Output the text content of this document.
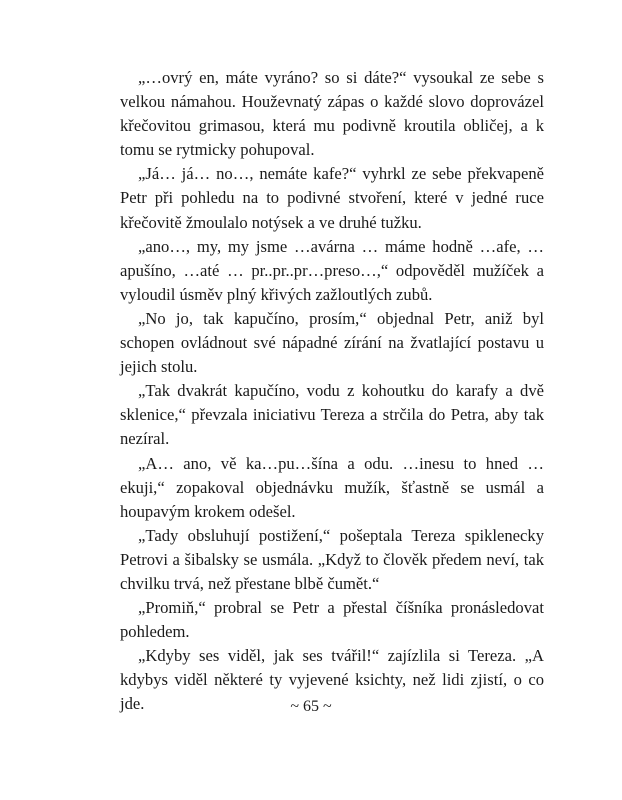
„…ovrý en, máte vyráno? so si dáte?“ vysoukal ze sebe s velkou námahou. Houževnatý zápas o každé slovo doprovázel křečovitou grimasou, která mu podivně kroutila obličej, a k tomu se rytmicky pohupoval.

„Já… já… no…, nemáte kafe?“ vyhrkl ze sebe překvapeně Petr při pohledu na to podivné stvoření, které v jedné ruce křečovitě žmoulalo notýsek a ve druhé tužku.

„ano…, my, my jsme …avárna … máme hodně …afe, … apušíno, …até … pr..pr..pr…preso…,“ odpověděl mužíček a vyloudil úsměv plný křivých zažloutlých zubů.

„No jo, tak kapučíno, prosím,“ objednal Petr, aniž byl schopen ovládnout své nápadné zírání na žvatlající postavu u jejich stolu.

„Tak dvakrát kapučíno, vodu z kohoutku do karafy a dvě sklenice,“ převzala iniciativu Tereza a strčila do Petra, aby tak nezíral.

„A… ano, vě ka…pu…šína a odu. …inesu to hned … ekuji,“ zopakoval objednávku mužík, šťastně se usmál a houpavým krokem odešel.

„Tady obsluhují postižení,“ pošeptala Tereza spiklenecky Petrovi a šibalsky se usmála. „Když to člověk předem neví, tak chvilku trvá, než přestane blbě čumět.“

„Promiň,“ probral se Petr a přestal číšníka pronásledovat pohledem.

„Kdyby ses viděl, jak ses tvářil!“ zajízlila si Tereza. „A kdybys viděl některé ty vyjevené ksichty, než lidi zjistí, o co jde.	~ 65 ~
